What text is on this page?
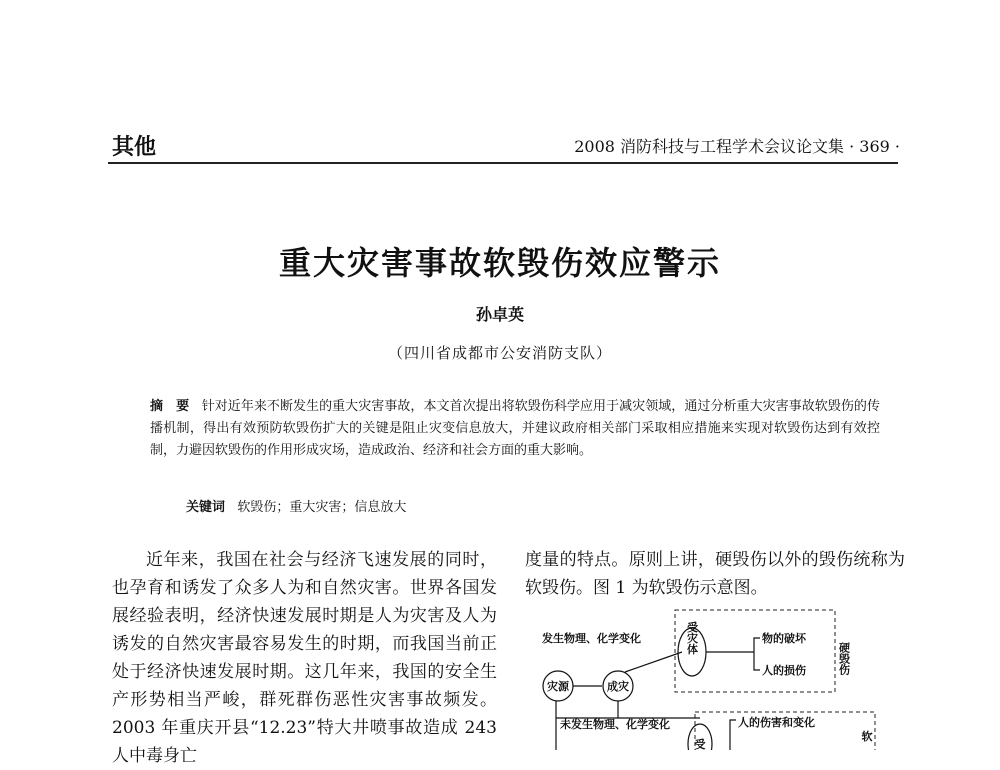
其他	2008 消防科技与工程学术会议论文集 · 369 ·
重大灾害事故软毁伤效应警示
孙卓英
（四川省成都市公安消防支队）
摘　要 针对近年来不断发生的重大灾害事故，本文首次提出将软毁伤科学应用于减灾领域，通过分析重大灾害事故软毁伤的传播机制，得出有效预防软毁伤扩大的关键是阻止灾变信息放大，并建议政府相关部门采取相应措施来实现对软毁伤达到有效控制，力避因软毁伤的作用形成灾场，造成政治、经济和社会方面的重大影响。
关键词 软毁伤；重大灾害；信息放大
近年来，我国在社会与经济飞速发展的同时，也孕育和诱发了众多人为和自然灾害。世界各国发展经验表明，经济快速发展时期是人为灾害及人为诱发的自然灾害最容易发生的时期，而我国当前正处于经济快速发展时期。这几年来，我国的安全生产形势相当严峻，群死群伤恶性灾害事故频发。2003 年重庆开县“12.23”特大井喷事故造成 243 人中毒身亡
度量的特点。原则上讲，硬毁伤以外的毁伤统称为软毁伤。图 1 为软毁伤示意图。
灾源	成灾
发生物理、化学变化
未发生物理、化学变化
受灾体	物的破坏
人的损伤	硬毁伤
受
人的伤害和变化
软
